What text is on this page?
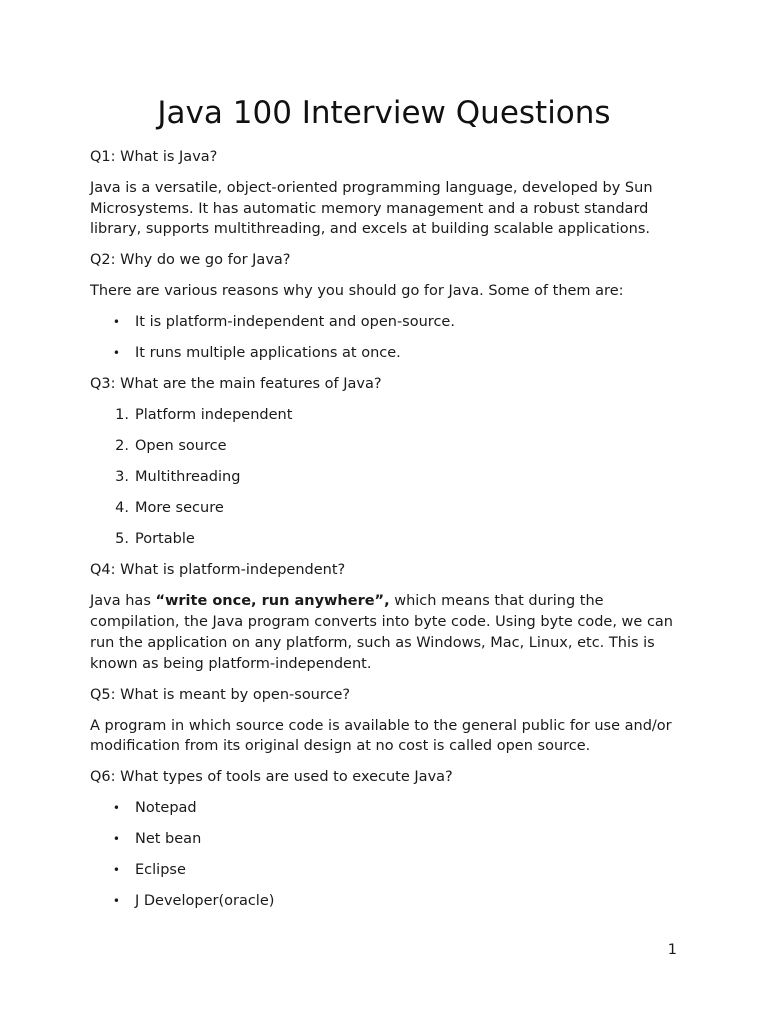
Java 100 Interview Questions

Q1: What is Java?

Java is a versatile, object-oriented programming language, developed by Sun Microsystems. It has automatic memory management and a robust standard library, supports multithreading, and excels at building scalable applications.

Q2: Why do we go for Java?

There are various reasons why you should go for Java. Some of them are:

• It is platform-independent and open-source.
• It runs multiple applications at once.

Q3: What are the main features of Java?

1. Platform independent
2. Open source
3. Multithreading
4. More secure
5. Portable

Q4: What is platform-independent?

Java has “write once, run anywhere”, which means that during the compilation, the Java program converts into byte code. Using byte code, we can run the application on any platform, such as Windows, Mac, Linux, etc. This is known as being platform-independent.

Q5: What is meant by open-source?

A program in which source code is available to the general public for use and/or modification from its original design at no cost is called open source.

Q6: What types of tools are used to execute Java?

• Notepad
• Net bean
• Eclipse
• J Developer(oracle)
1
